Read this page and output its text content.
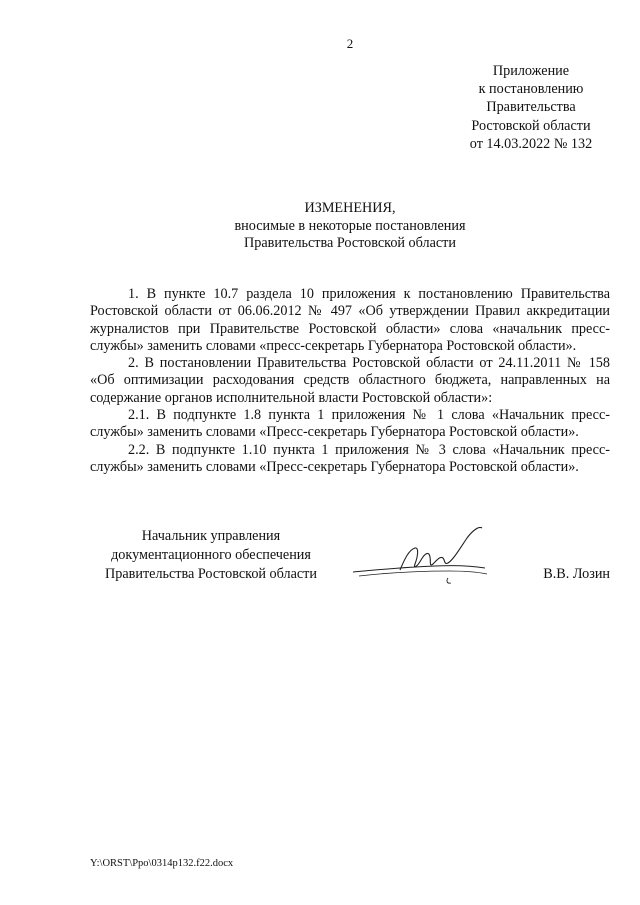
2
Приложение
к постановлению
Правительства
Ростовской области
от 14.03.2022 № 132
ИЗМЕНЕНИЯ,
вносимые в некоторые постановления
Правительства Ростовской области

1. В пункте 10.7 раздела 10 приложения к постановлению Правительства Ростовской области от 06.06.2012 № 497 «Об утверждении Правил аккредитации журналистов при Правительстве Ростовской области» слова «начальник пресс-службы» заменить словами «пресс-секретарь Губернатора Ростовской области».

2. В постановлении Правительства Ростовской области от 24.11.2011 № 158 «Об оптимизации расходования средств областного бюджета, направленных на содержание органов исполнительной власти Ростовской области»:

2.1. В подпункте 1.8 пункта 1 приложения № 1 слова «Начальник пресс-службы» заменить словами «Пресс-секретарь Губернатора Ростовской области».

2.2. В подпункте 1.10 пункта 1 приложения № 3 слова «Начальник пресс-службы» заменить словами «Пресс-секретарь Губернатора Ростовской области».

Начальник управления
документационного обеспечения
Правительства Ростовской области	В.В. Лозин
Y:\ORST\Ppo\0314p132.f22.docx
